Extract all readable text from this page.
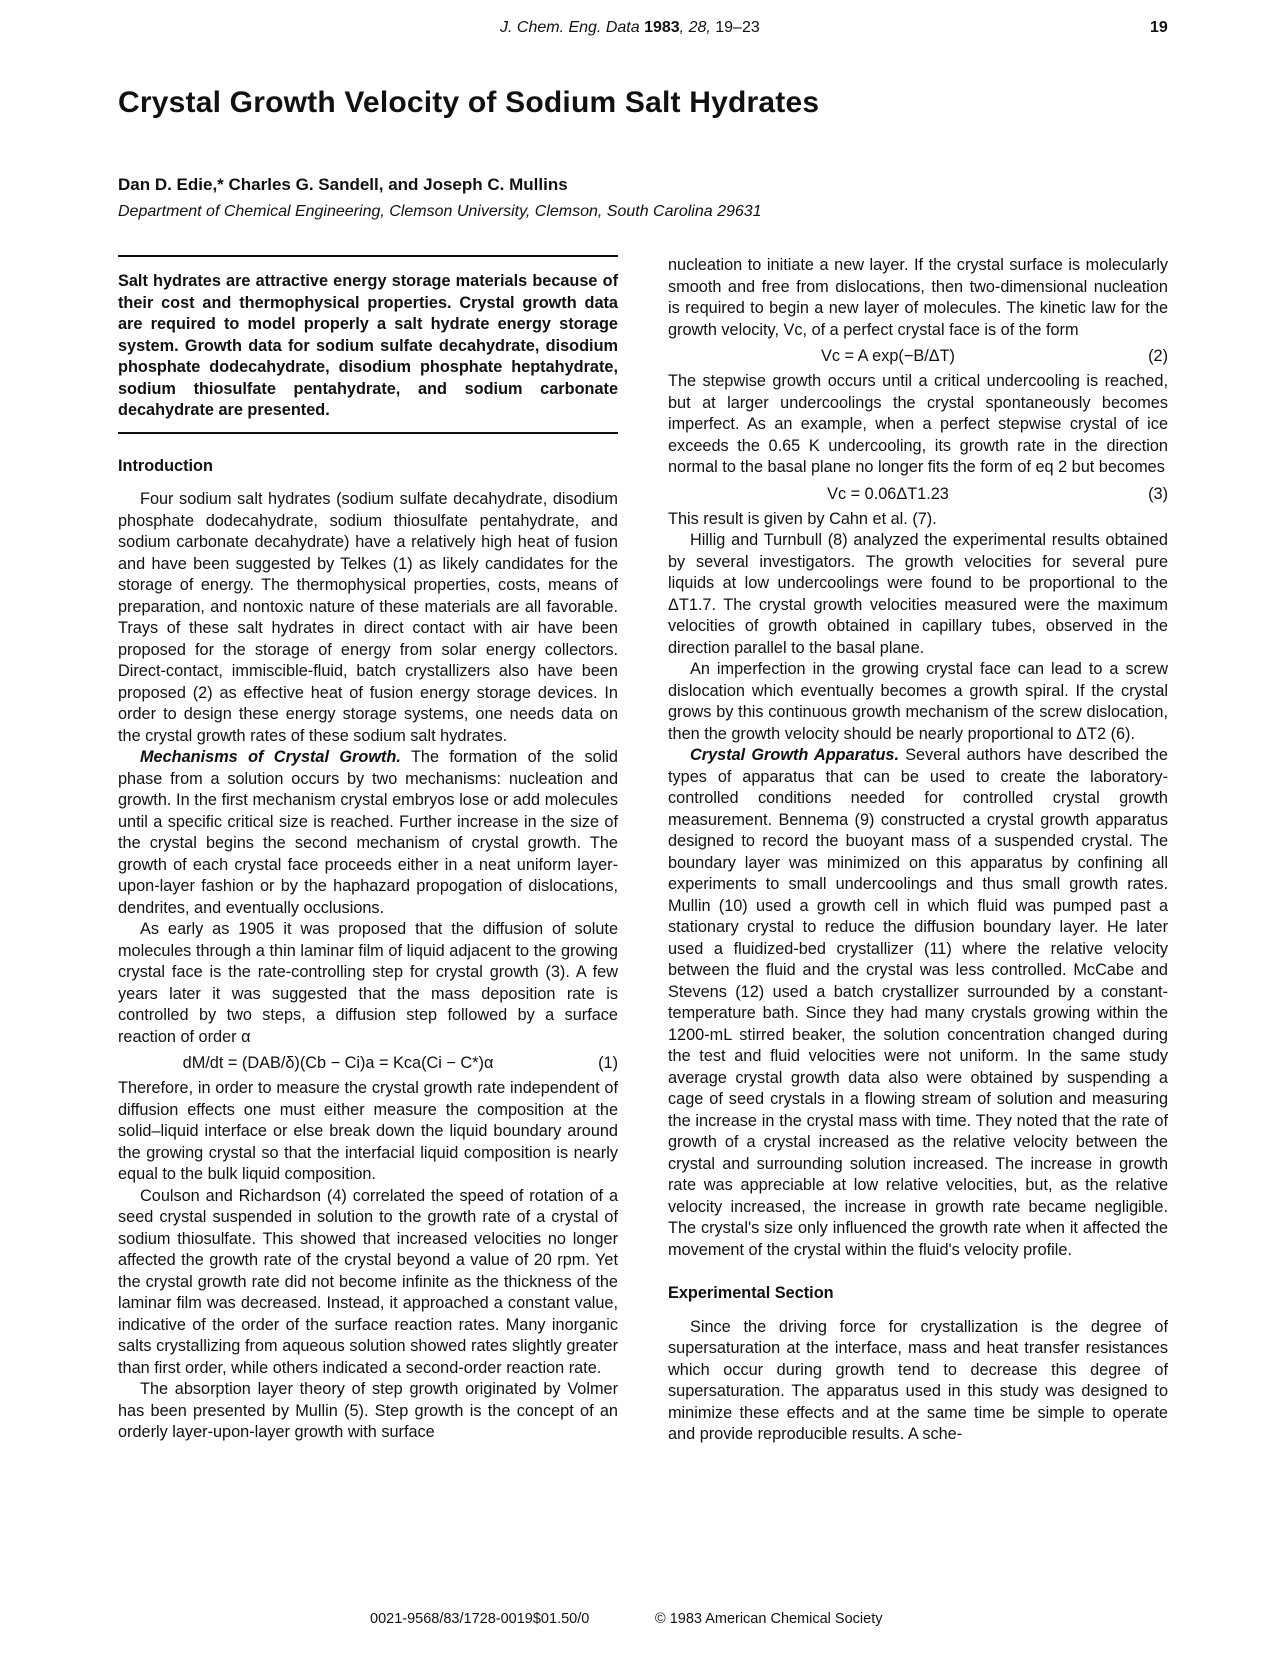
J. Chem. Eng. Data 1983, 28, 19–23	19
Crystal Growth Velocity of Sodium Salt Hydrates
Dan D. Edie,* Charles G. Sandell, and Joseph C. Mullins
Department of Chemical Engineering, Clemson University, Clemson, South Carolina 29631
Salt hydrates are attractive energy storage materials because of their cost and thermophysical properties. Crystal growth data are required to model properly a salt hydrate energy storage system. Growth data for sodium sulfate decahydrate, disodium phosphate dodecahydrate, disodium phosphate heptahydrate, sodium thiosulfate pentahydrate, and sodium carbonate decahydrate are presented.
Introduction

Four sodium salt hydrates (sodium sulfate decahydrate, disodium phosphate dodecahydrate, sodium thiosulfate pentahydrate, and sodium carbonate decahydrate) have a relatively high heat of fusion and have been suggested by Telkes (1) as likely candidates for the storage of energy. The thermophysical properties, costs, means of preparation, and nontoxic nature of these materials are all favorable. Trays of these salt hydrates in direct contact with air have been proposed for the storage of energy from solar energy collectors. Direct-contact, immiscible-fluid, batch crystallizers also have been proposed (2) as effective heat of fusion energy storage devices. In order to design these energy storage systems, one needs data on the crystal growth rates of these sodium salt hydrates.

Mechanisms of Crystal Growth. The formation of the solid phase from a solution occurs by two mechanisms: nucleation and growth. In the first mechanism crystal embryos lose or add molecules until a specific critical size is reached. Further increase in the size of the crystal begins the second mechanism of crystal growth. The growth of each crystal face proceeds either in a neat uniform layer-upon-layer fashion or by the haphazard propogation of dislocations, dendrites, and eventually occlusions.

As early as 1905 it was proposed that the diffusion of solute molecules through a thin laminar film of liquid adjacent to the growing crystal face is the rate-controlling step for crystal growth (3). A few years later it was suggested that the mass deposition rate is controlled by two steps, a diffusion step followed by a surface reaction of order α

dM/dt = (DAB/δ)(Cb − Ci)a = Kca(Ci − C*)α	(1)

Therefore, in order to measure the crystal growth rate independent of diffusion effects one must either measure the composition at the solid–liquid interface or else break down the liquid boundary around the growing crystal so that the interfacial liquid composition is nearly equal to the bulk liquid composition.

Coulson and Richardson (4) correlated the speed of rotation of a seed crystal suspended in solution to the growth rate of a crystal of sodium thiosulfate. This showed that increased velocities no longer affected the growth rate of the crystal beyond a value of 20 rpm. Yet the crystal growth rate did not become infinite as the thickness of the laminar film was decreased. Instead, it approached a constant value, indicative of the order of the surface reaction rates. Many inorganic salts crystallizing from aqueous solution showed rates slightly greater than first order, while others indicated a second-order reaction rate.

The absorption layer theory of step growth originated by Volmer has been presented by Mullin (5). Step growth is the concept of an orderly layer-upon-layer growth with surface

nucleation to initiate a new layer. If the crystal surface is molecularly smooth and free from dislocations, then two-dimensional nucleation is required to begin a new layer of molecules. The kinetic law for the growth velocity, Vc, of a perfect crystal face is of the form

Vc = A exp(−B/ΔT)	(2)

The stepwise growth occurs until a critical undercooling is reached, but at larger undercoolings the crystal spontaneously becomes imperfect. As an example, when a perfect stepwise crystal of ice exceeds the 0.65 K undercooling, its growth rate in the direction normal to the basal plane no longer fits the form of eq 2 but becomes

Vc = 0.06ΔT1.23	(3)

This result is given by Cahn et al. (7).

Hillig and Turnbull (8) analyzed the experimental results obtained by several investigators. The growth velocities for several pure liquids at low undercoolings were found to be proportional to the ΔT1.7. The crystal growth velocities measured were the maximum velocities of growth obtained in capillary tubes, observed in the direction parallel to the basal plane.

An imperfection in the growing crystal face can lead to a screw dislocation which eventually becomes a growth spiral. If the crystal grows by this continuous growth mechanism of the screw dislocation, then the growth velocity should be nearly proportional to ΔT2 (6).

Crystal Growth Apparatus. Several authors have described the types of apparatus that can be used to create the laboratory-controlled conditions needed for controlled crystal growth measurement. Bennema (9) constructed a crystal growth apparatus designed to record the buoyant mass of a suspended crystal. The boundary layer was minimized on this apparatus by confining all experiments to small undercoolings and thus small growth rates. Mullin (10) used a growth cell in which fluid was pumped past a stationary crystal to reduce the diffusion boundary layer. He later used a fluidized-bed crystallizer (11) where the relative velocity between the fluid and the crystal was less controlled. McCabe and Stevens (12) used a batch crystallizer surrounded by a constant-temperature bath. Since they had many crystals growing within the 1200-mL stirred beaker, the solution concentration changed during the test and fluid velocities were not uniform. In the same study average crystal growth data also were obtained by suspending a cage of seed crystals in a flowing stream of solution and measuring the increase in the crystal mass with time. They noted that the rate of growth of a crystal increased as the relative velocity between the crystal and surrounding solution increased. The increase in growth rate was appreciable at low relative velocities, but, as the relative velocity increased, the increase in growth rate became negligible. The crystal's size only influenced the growth rate when it affected the movement of the crystal within the fluid's velocity profile.

Experimental Section

Since the driving force for crystallization is the degree of supersaturation at the interface, mass and heat transfer resistances which occur during growth tend to decrease this degree of supersaturation. The apparatus used in this study was designed to minimize these effects and at the same time be simple to operate and provide reproducible results. A sche-

0021-9568/83/1728-0019$01.50/0	© 1983 American Chemical Society
